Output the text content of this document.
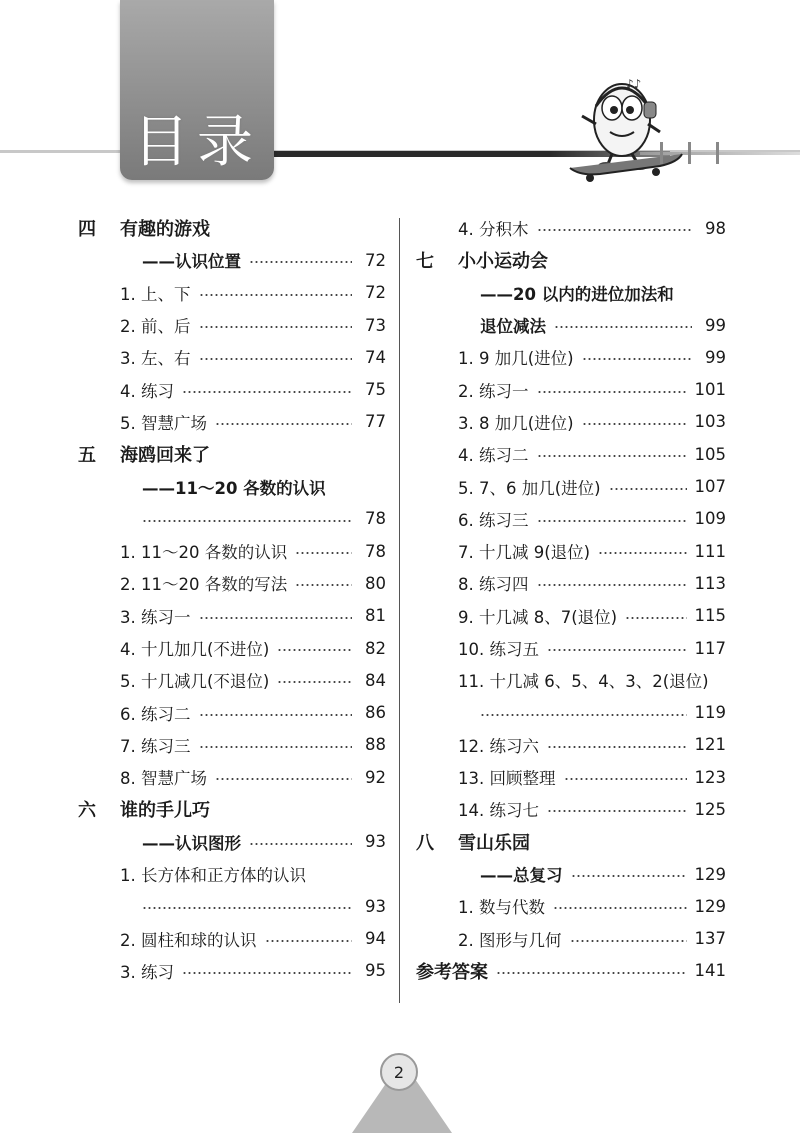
目录
♪♪
四	有趣的游戏
——认识位置	72
1. 上、下	72
2. 前、后	73
3. 左、右	74
4. 练习	75
5. 智慧广场	77
五	海鸥回来了
——11～20 各数的认识
78
1. 11～20 各数的认识	78
2. 11～20 各数的写法	80
3. 练习一	81
4. 十几加几(不进位)	82
5. 十几减几(不退位)	84
6. 练习二	86
7. 练习三	88
8. 智慧广场	92
六	谁的手儿巧
——认识图形	93
1. 长方体和正方体的认识
93
2. 圆柱和球的认识	94
3. 练习	95
4. 分积木	98
七	小小运动会
——20 以内的进位加法和
退位减法	99
1. 9 加几(进位)	99
2. 练习一	101
3. 8 加几(进位)	103
4. 练习二	105
5. 7、6 加几(进位)	107
6. 练习三	109
7. 十几减 9(退位)	111
8. 练习四	113
9. 十几减 8、7(退位)	115
10. 练习五	117
11. 十几减 6、5、4、3、2(退位)
119
12. 练习六	121
13. 回顾整理	123
14. 练习七	125
八	雪山乐园
——总复习	129
1. 数与代数	129
2. 图形与几何	137
参考答案	141
2
